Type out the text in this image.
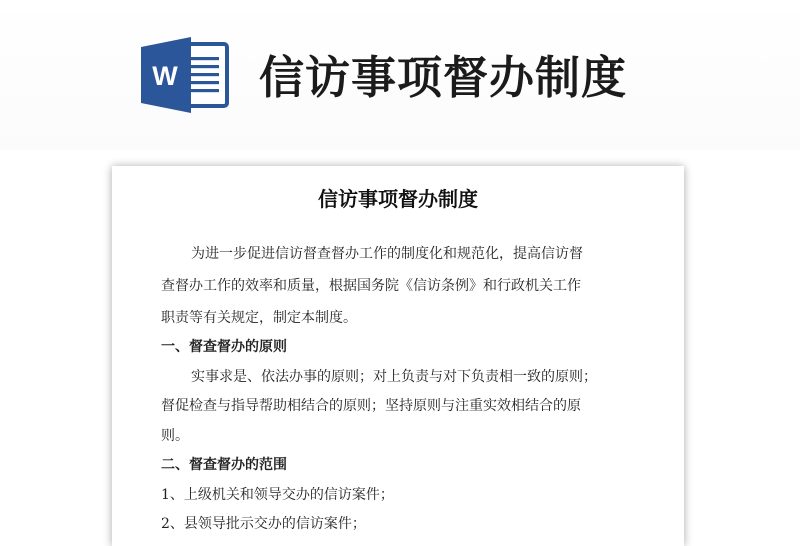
W 信访事项督办制度
信访事项督办制度
为进一步促进信访督查督办工作的制度化和规范化，提高信访督
查督办工作的效率和质量，根据国务院《信访条例》和行政机关工作
职责等有关规定，制定本制度。
一、督查督办的原则
实事求是、依法办事的原则；对上负责与对下负责相一致的原则；
督促检查与指导帮助相结合的原则；坚持原则与注重实效相结合的原
则。
二、督查督办的范围
1、上级机关和领导交办的信访案件；
2、县领导批示交办的信访案件；
